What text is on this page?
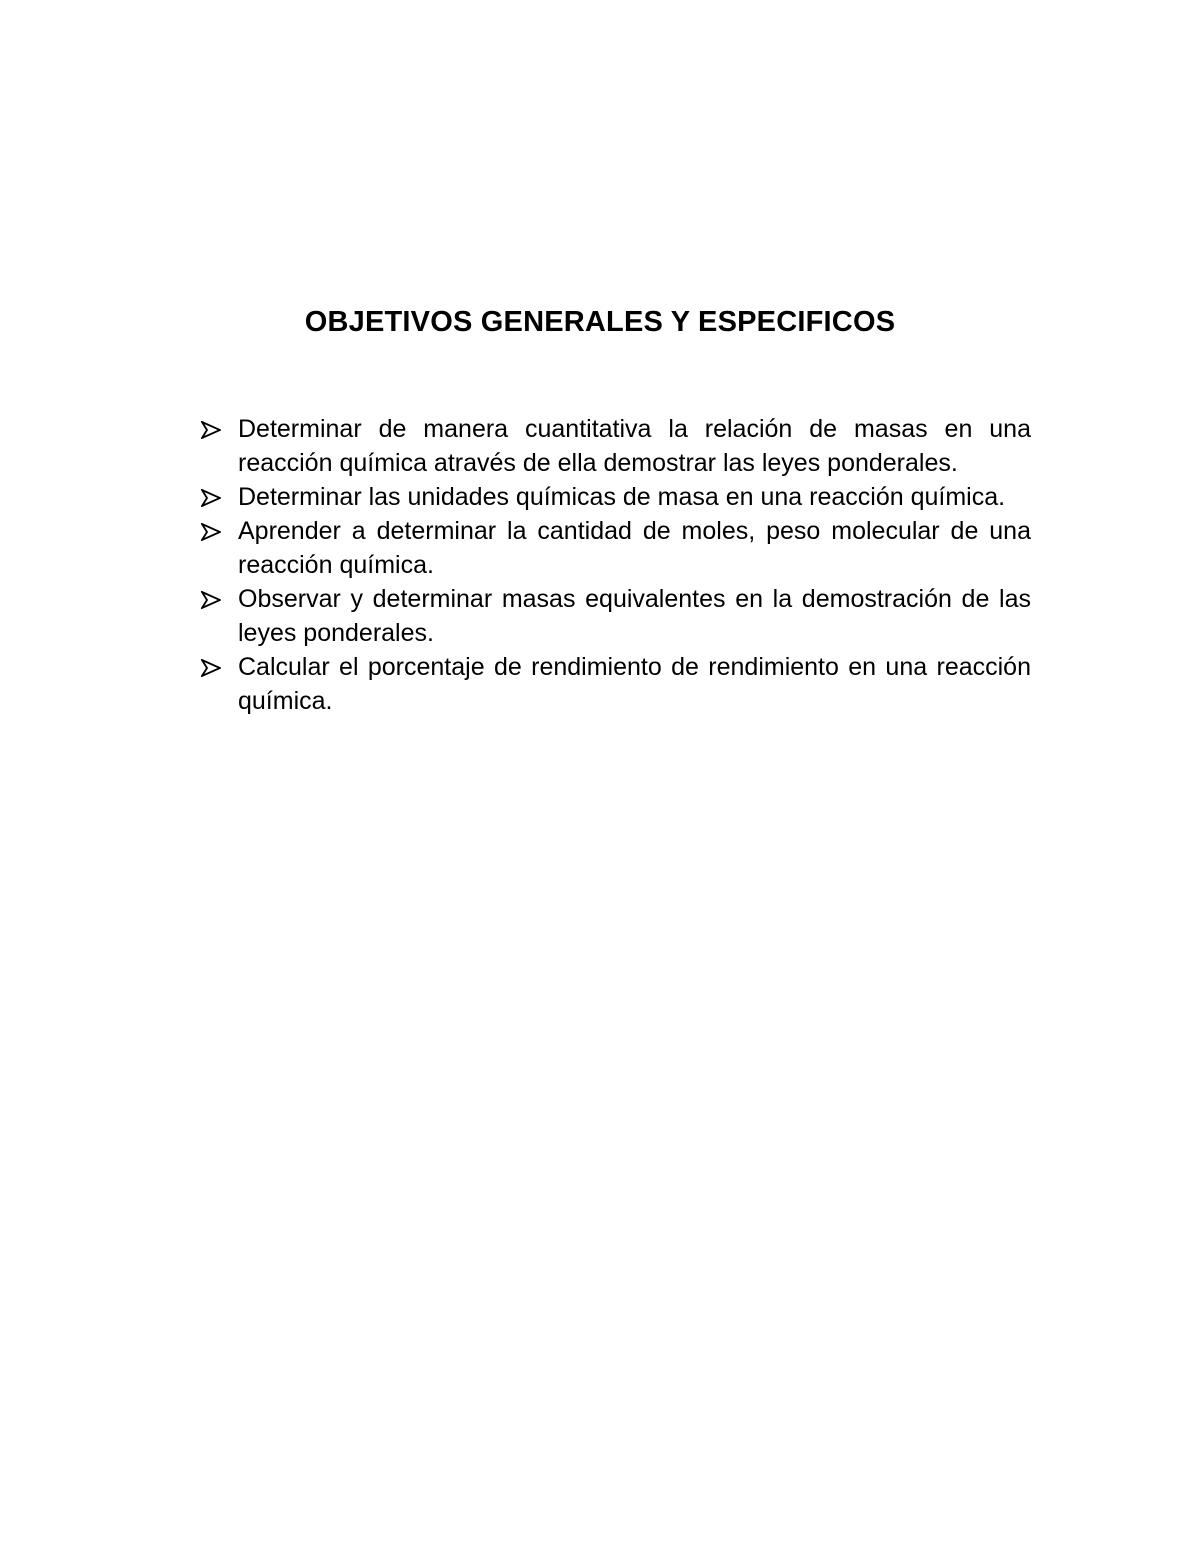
OBJETIVOS GENERALES Y ESPECIFICOS
Determinar de manera cuantitativa la relación de masas en una reacción química através de ella demostrar las leyes ponderales.
Determinar las unidades químicas de masa en una reacción química.
Aprender a determinar la cantidad de moles, peso molecular de una reacción química.
Observar y determinar masas equivalentes en la demostración de las leyes ponderales.
Calcular el porcentaje de rendimiento de rendimiento en una reacción química.
